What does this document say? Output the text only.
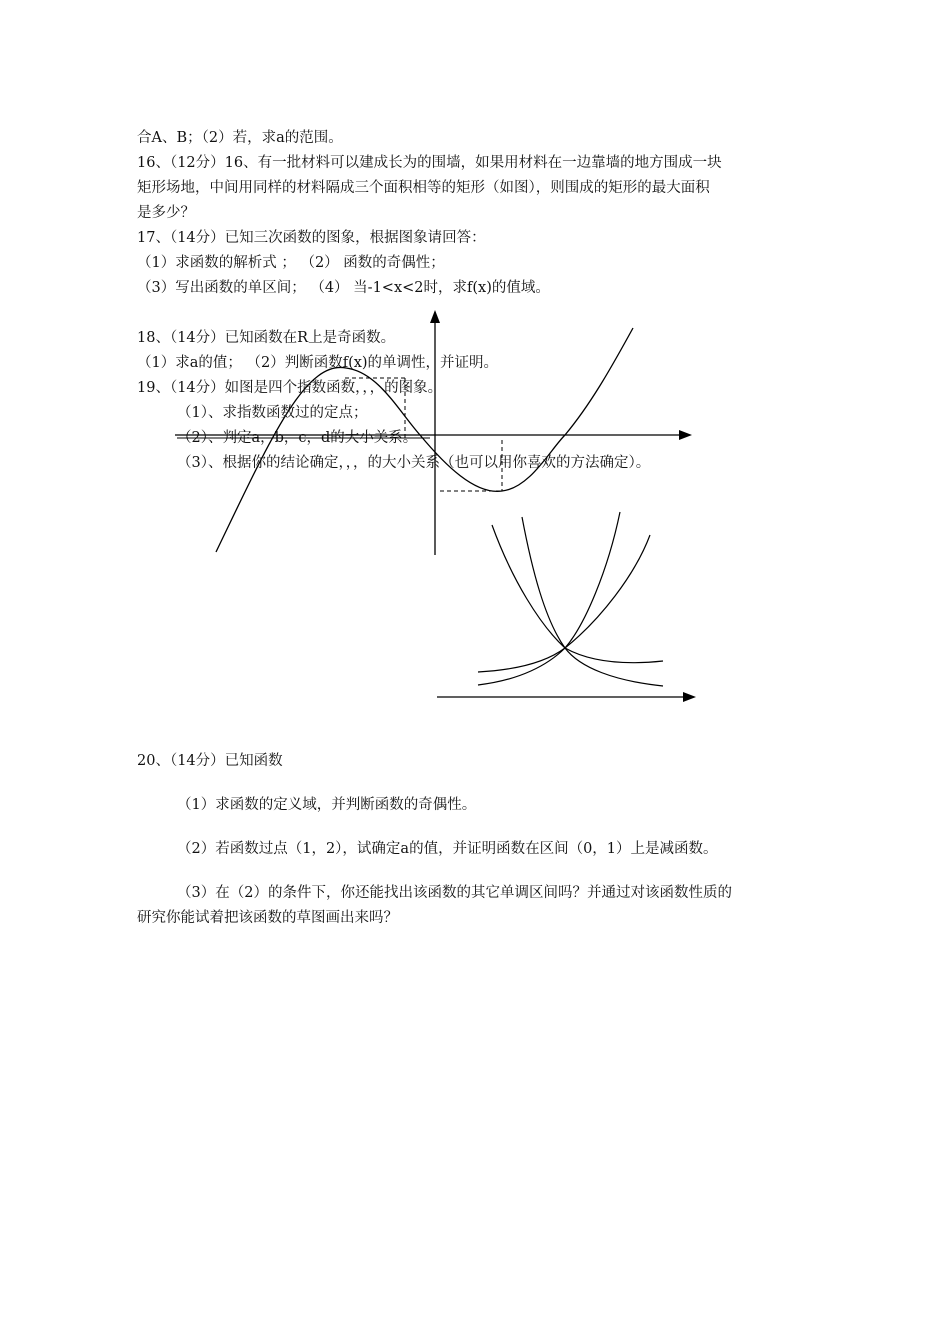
合A、B；（2）若，求a的范围。
16、（12分）16、有一批材料可以建成长为的围墙，如果用材料在一边靠墙的地方围成一块
矩形场地，中间用同样的材料隔成三个面积相等的矩形（如图），则围成的矩形的最大面积
是多少？
17、（14分）已知三次函数的图象，根据图象请回答：
（1）求函数的解析式 ； （2） 函数的奇偶性；
（3）写出函数的单区间； （4） 当-1<x<2时，求f(x)的值域。
18、（14分）已知函数在R上是奇函数。
（1）求a的值； （2）判断函数f(x)的单调性，并证明。
19、（14分）如图是四个指数函数，，，的图象。
（1）、求指数函数过的定点；
（2）、判定a，b，c，d的大小关系。
（3）、根据你的结论确定，，，的大小关系（也可以用你喜欢的方法确定）。
20、（14分）已知函数
（1）求函数的定义域，并判断函数的奇偶性。
（2）若函数过点（1，2），试确定a的值，并证明函数在区间（0，1）上是减函数。
（3）在（2）的条件下，你还能找出该函数的其它单调区间吗？并通过对该函数性质的
研究你能试着把该函数的草图画出来吗？
